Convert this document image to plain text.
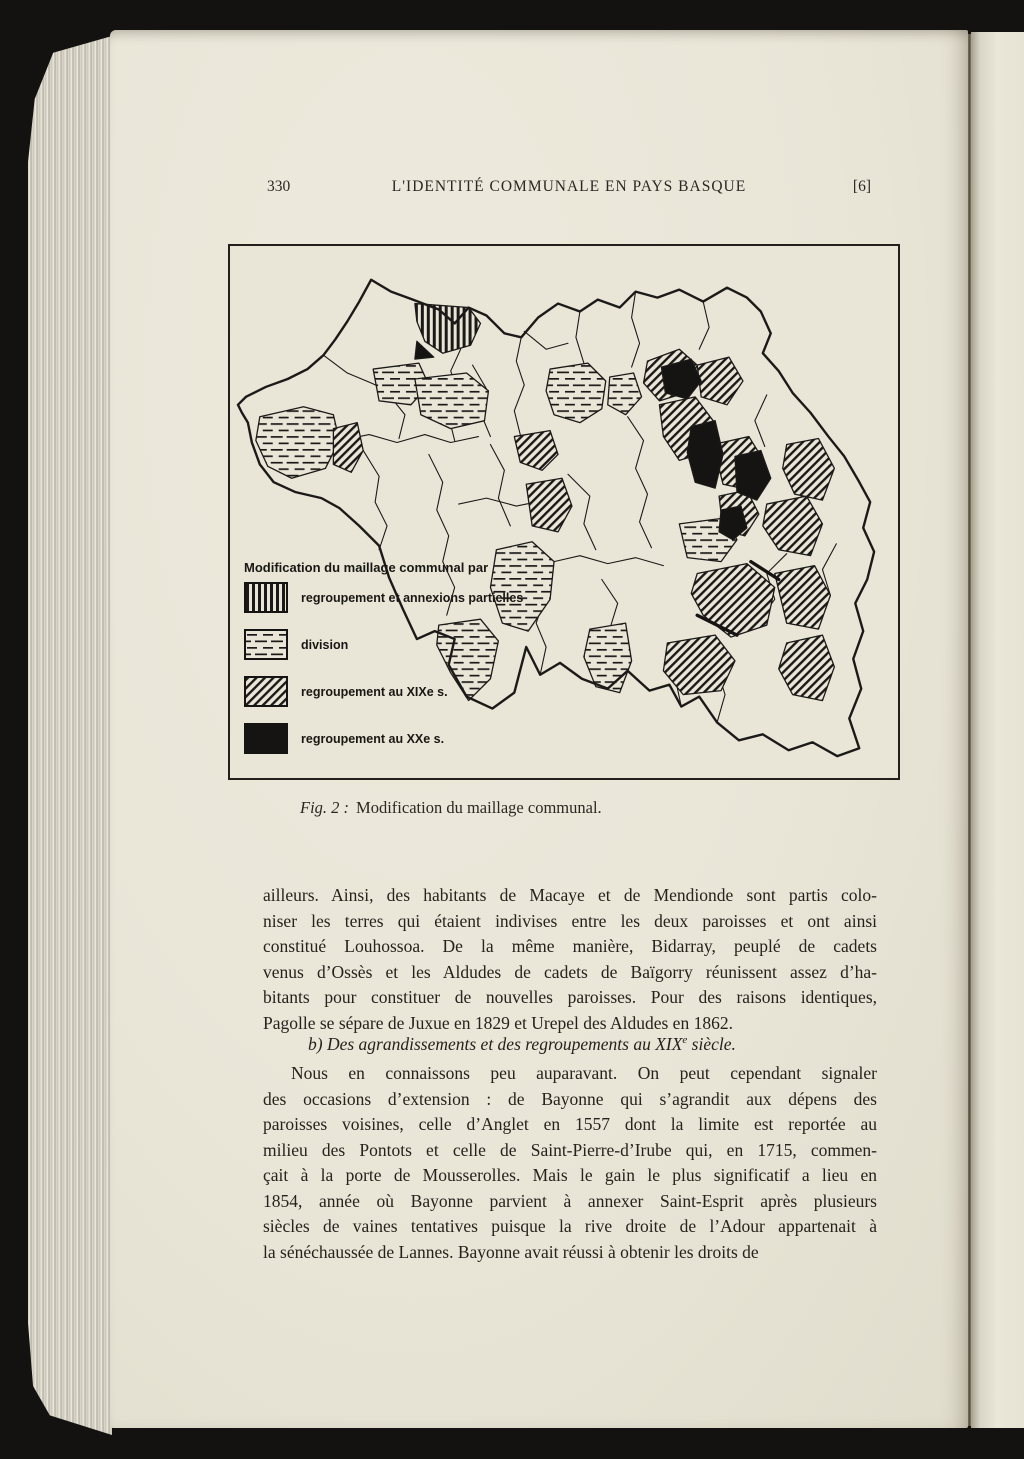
330	L'IDENTITÉ COMMUNALE EN PAYS BASQUE	[6]
Modification du maillage communal par
regroupement et annexions partielles
division
regroupement au XIXe s.
regroupement au XXe s.
Fig. 2 : Modification du maillage communal.
ailleurs. Ainsi, des habitants de Macaye et de Mendionde sont partis colo-
niser les terres qui étaient indivises entre les deux paroisses et ont ainsi
constitué Louhossoa. De la même manière, Bidarray, peuplé de cadets
venus d’Ossès et les Aldudes de cadets de Baïgorry réunissent assez d’ha-
bitants pour constituer de nouvelles paroisses. Pour des raisons identiques,
Pagolle se sépare de Juxue en 1829 et Urepel des Aldudes en 1862.
b) Des agrandissements et des regroupements au XIXe siècle.
Nous en connaissons peu auparavant. On peut cependant signaler
des occasions d’extension : de Bayonne qui s’agrandit aux dépens des
paroisses voisines, celle d’Anglet en 1557 dont la limite est reportée au
milieu des Pontots et celle de Saint-Pierre-d’Irube qui, en 1715, commen-
çait à la porte de Mousserolles. Mais le gain le plus significatif a lieu en
1854, année où Bayonne parvient à annexer Saint-Esprit après plusieurs
siècles de vaines tentatives puisque la rive droite de l’Adour appartenait à
la sénéchaussée de Lannes. Bayonne avait réussi à obtenir les droits de
